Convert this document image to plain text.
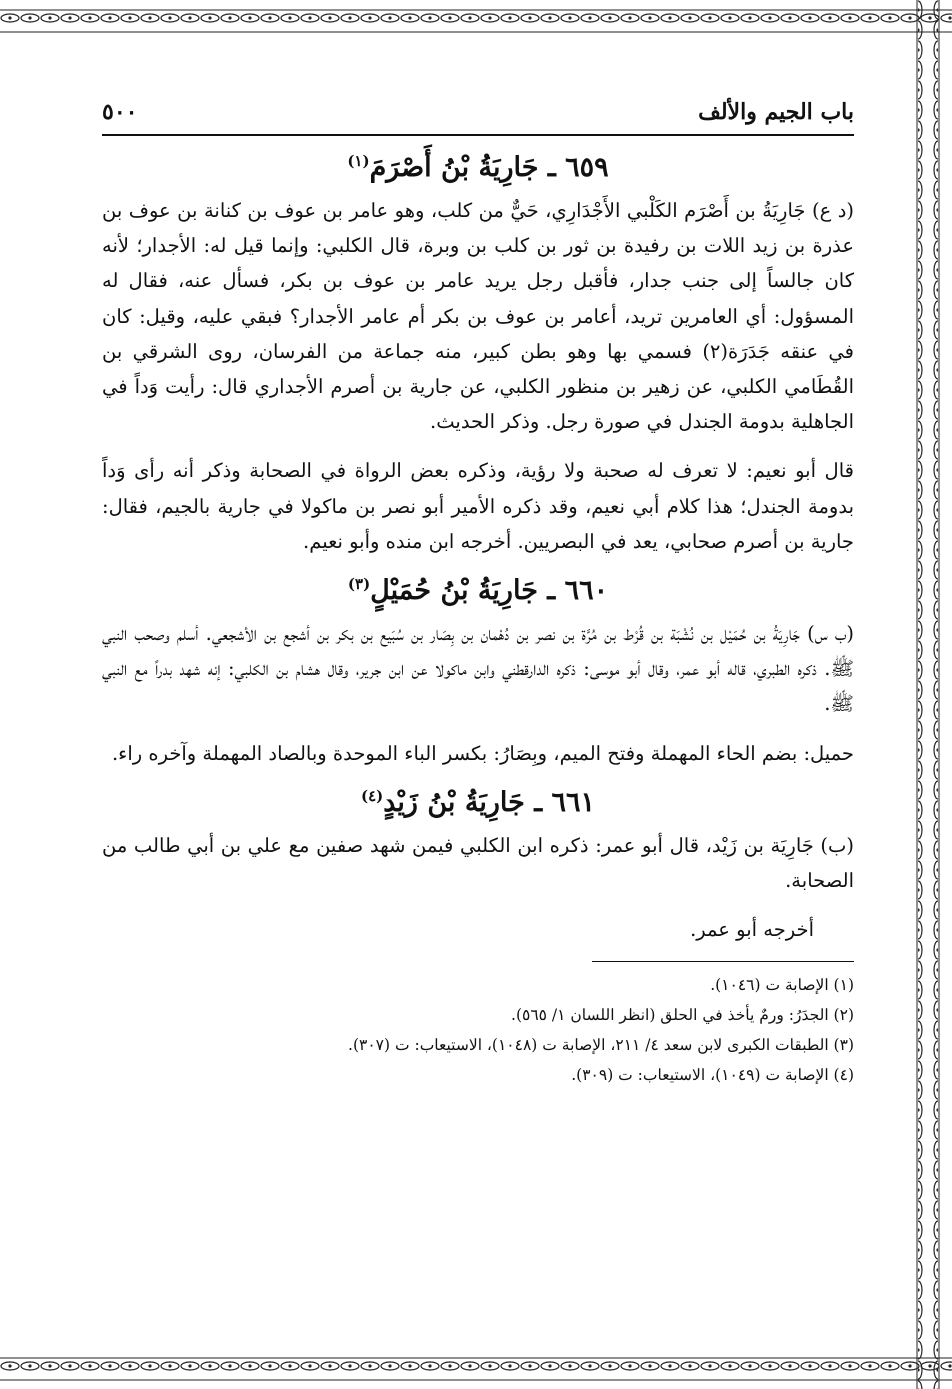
باب الجيم والألف
٥٠٠
٦٥٩ ـ جَارِيَةُ بْنُ أَصْرَمَ$^{(١)}$

(د ع) جَارِيَةُ بن أَصْرَم الكَلْبي الأَجْدَارِي، حَيٌّ من كلب، وهو عامر بن عوف بن كنانة بن عوف بن عذرة بن زيد اللات بن رفيدة بن ثور بن كلب بن وبرة، قال الكلبي: وإنما قيل له: الأجدار؛ لأنه كان جالساً إلى جنب جدار، فأقبل رجل يريد عامر بن عوف بن بكر، فسأل عنه، فقال له المسؤول: أي العامرين تريد، أعامر بن عوف بن بكر أم عامر الأجدار؟ فبقي عليه، وقيل: كان في عنقه جَدَرَة(٢) فسمي بها وهو بطن كبير، منه جماعة من الفرسان، روى الشرقي بن القُطَامي الكلبي، عن زهير بن منظور الكلبي، عن جارية بن أصرم الأجداري قال: رأيت وَداً في الجاهلية بدومة الجندل في صورة رجل. وذكر الحديث.

قال أبو نعيم: لا تعرف له صحبة ولا رؤية، وذكره بعض الرواة في الصحابة وذكر أنه رأى وَداً بدومة الجندل؛ هذا كلام أبي نعيم، وقد ذكره الأمير أبو نصر بن ماكولا في جارية بالجيم، فقال: جارية بن أصرم صحابي، يعد في البصريين. أخرجه ابن منده وأبو نعيم.

٦٦٠ ـ جَارِيَةُ بْنُ حُمَيْلٍ$^{(٣)}$

(ب س) جَارِيَةُ بن حُمَيْل بن نُشْبَة بن قُرْط بن مُرَّة بن نصر بن دُهْمان بن بِصَار بن سُبَيع بن بكر بن أشجع بن الأشجعي. أسلم وصحب النبي ﷺ. ذكره الطبري، قاله أبو عمر، وقال أبو موسى: ذكره الدارقطني وابن ماكولا عن ابن جرير، وقال هشام بن الكلبي: إنه شهد بدراً مع النبي ﷺ.

حميل: بضم الحاء المهملة وفتح الميم، وبِصَارُ: بكسر الباء الموحدة وبالصاد المهملة وآخره راء.

٦٦١ ـ جَارِيَةُ بْنُ زَيْدٍ$^{(٤)}$

(ب) جَارِيَة بن زَيْد، قال أبو عمر: ذكره ابن الكلبي فيمن شهد صفين مع علي بن أبي طالب من الصحابة.

أخرجه أبو عمر.

(١) الإصابة ت (١٠٤٦).

(٢) الجدَرُ: ورمٌ يأخذ في الحلق (انظر اللسان ١/ ٥٦٥).

(٣) الطبقات الكبرى لابن سعد ٤/ ٢١١، الإصابة ت (١٠٤٨)، الاستيعاب: ت (٣٠٧).

(٤) الإصابة ت (١٠٤٩)، الاستيعاب: ت (٣٠٩).
